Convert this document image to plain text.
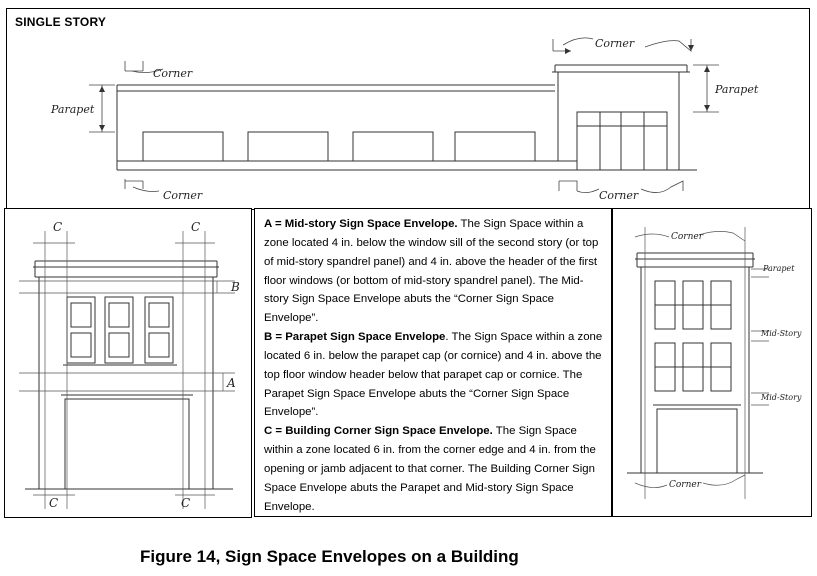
SINGLE STORY
Corner
Corner
Corner
Corner
Parapet
Parapet
C	C
B
A
C	C

A = Mid-story Sign Space Envelope. The Sign Space within a zone located 4 in. below the window sill of the second story (or top of mid-story spandrel panel) and 4 in. above the header of the first floor windows (or bottom of mid-story spandrel panel). The Mid-story Sign Space Envelope abuts the “Corner Sign Space Envelope”.

B = Parapet Sign Space Envelope. The Sign Space within a zone located 6 in. below the parapet cap (or cornice) and 4 in. above the top floor window header below that parapet cap or cornice. The Parapet Sign Space Envelope abuts the “Corner Sign Space Envelope”.

C = Building Corner Sign Space Envelope. The Sign Space within a zone located 6 in. from the corner edge and 4 in. from the opening or jamb adjacent to that corner. The Building Corner Sign Space Envelope abuts the Parapet and Mid-story Sign Space Envelope.

Corner
Parapet
Mid-Story
Mid-Story
Corner
Figure 14, Sign Space Envelopes on a Building
